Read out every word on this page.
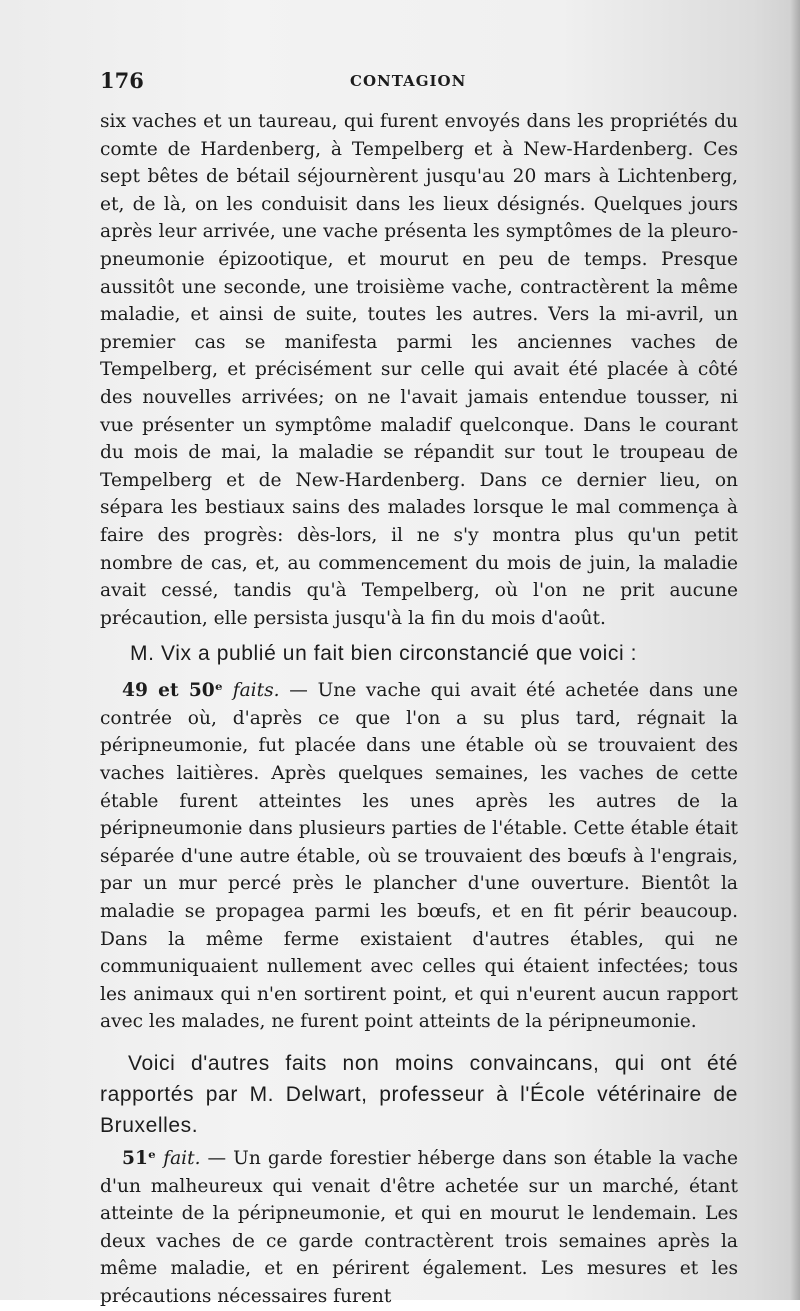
176	CONTAGION

six vaches et un taureau, qui furent envoyés dans les propriétés du comte de Hardenberg, à Tempelberg et à New-Hardenberg. Ces sept bêtes de bétail séjournèrent jusqu'au 20 mars à Lichtenberg, et, de là, on les conduisit dans les lieux désignés. Quelques jours après leur arrivée, une vache présenta les symptômes de la pleuro-pneumonie épizootique, et mourut en peu de temps. Presque aussitôt une seconde, une troisième vache, contractèrent la même maladie, et ainsi de suite, toutes les autres. Vers la mi-avril, un premier cas se manifesta parmi les anciennes vaches de Tempelberg, et précisément sur celle qui avait été placée à côté des nouvelles arrivées; on ne l'avait jamais entendue tousser, ni vue présenter un symptôme maladif quelconque. Dans le courant du mois de mai, la maladie se répandit sur tout le troupeau de Tempelberg et de New-Hardenberg. Dans ce dernier lieu, on sépara les bestiaux sains des malades lorsque le mal commença à faire des progrès: dès-lors, il ne s'y montra plus qu'un petit nombre de cas, et, au commencement du mois de juin, la maladie avait cessé, tandis qu'à Tempelberg, où l'on ne prit aucune précaution, elle persista jusqu'à la fin du mois d'août.

M. Vix a publié un fait bien circonstancié que voici :

49 et 50ᵉ faits. — Une vache qui avait été achetée dans une contrée où, d'après ce que l'on a su plus tard, régnait la péripneumonie, fut placée dans une étable où se trouvaient des vaches laitières. Après quelques semaines, les vaches de cette étable furent atteintes les unes après les autres de la péripneumonie dans plusieurs parties de l'étable. Cette étable était séparée d'une autre étable, où se trouvaient des bœufs à l'engrais, par un mur percé près le plancher d'une ouverture. Bientôt la maladie se propagea parmi les bœufs, et en fit périr beaucoup. Dans la même ferme existaient d'autres étables, qui ne communiquaient nullement avec celles qui étaient infectées; tous les animaux qui n'en sortirent point, et qui n'eurent aucun rapport avec les malades, ne furent point atteints de la péripneumonie.

Voici d'autres faits non moins convaincans, qui ont été rapportés par M. Delwart, professeur à l'École vétérinaire de Bruxelles.

51ᵉ fait. — Un garde forestier héberge dans son étable la vache d'un malheureux qui venait d'être achetée sur un marché, étant atteinte de la péripneumonie, et qui en mourut le lendemain. Les deux vaches de ce garde contractèrent trois semaines après la même maladie, et en périrent également. Les mesures et les précautions nécessaires furent
